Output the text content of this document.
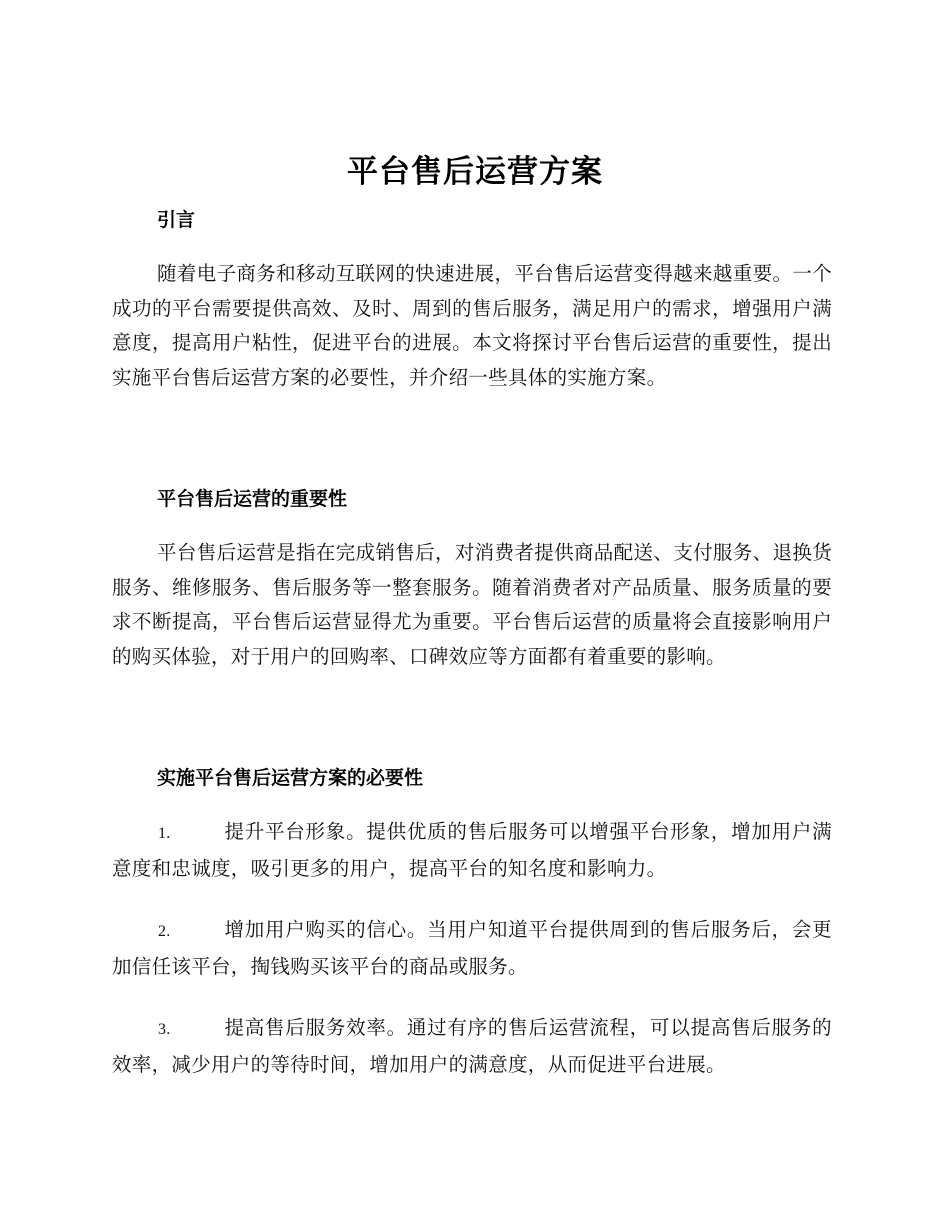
平台售后运营方案
引言
随着电子商务和移动互联网的快速进展，平台售后运营变得越来越重要。一个成功的平台需要提供高效、及时、周到的售后服务，满足用户的需求，增强用户满意度，提高用户粘性，促进平台的进展。本文将探讨平台售后运营的重要性，提出实施平台售后运营方案的必要性，并介绍一些具体的实施方案。
平台售后运营的重要性
平台售后运营是指在完成销售后，对消费者提供商品配送、支付服务、退换货服务、维修服务、售后服务等一整套服务。随着消费者对产品质量、服务质量的要求不断提高，平台售后运营显得尤为重要。平台售后运营的质量将会直接影响用户的购买体验，对于用户的回购率、口碑效应等方面都有着重要的影响。
实施平台售后运营方案的必要性
1.	提升平台形象。提供优质的售后服务可以增强平台形象，增加用户满意度和忠诚度，吸引更多的用户，提高平台的知名度和影响力。
2.	增加用户购买的信心。当用户知道平台提供周到的售后服务后，会更加信任该平台，掏钱购买该平台的商品或服务。
3.	提高售后服务效率。通过有序的售后运营流程，可以提高售后服务的效率，减少用户的等待时间，增加用户的满意度，从而促进平台进展。
